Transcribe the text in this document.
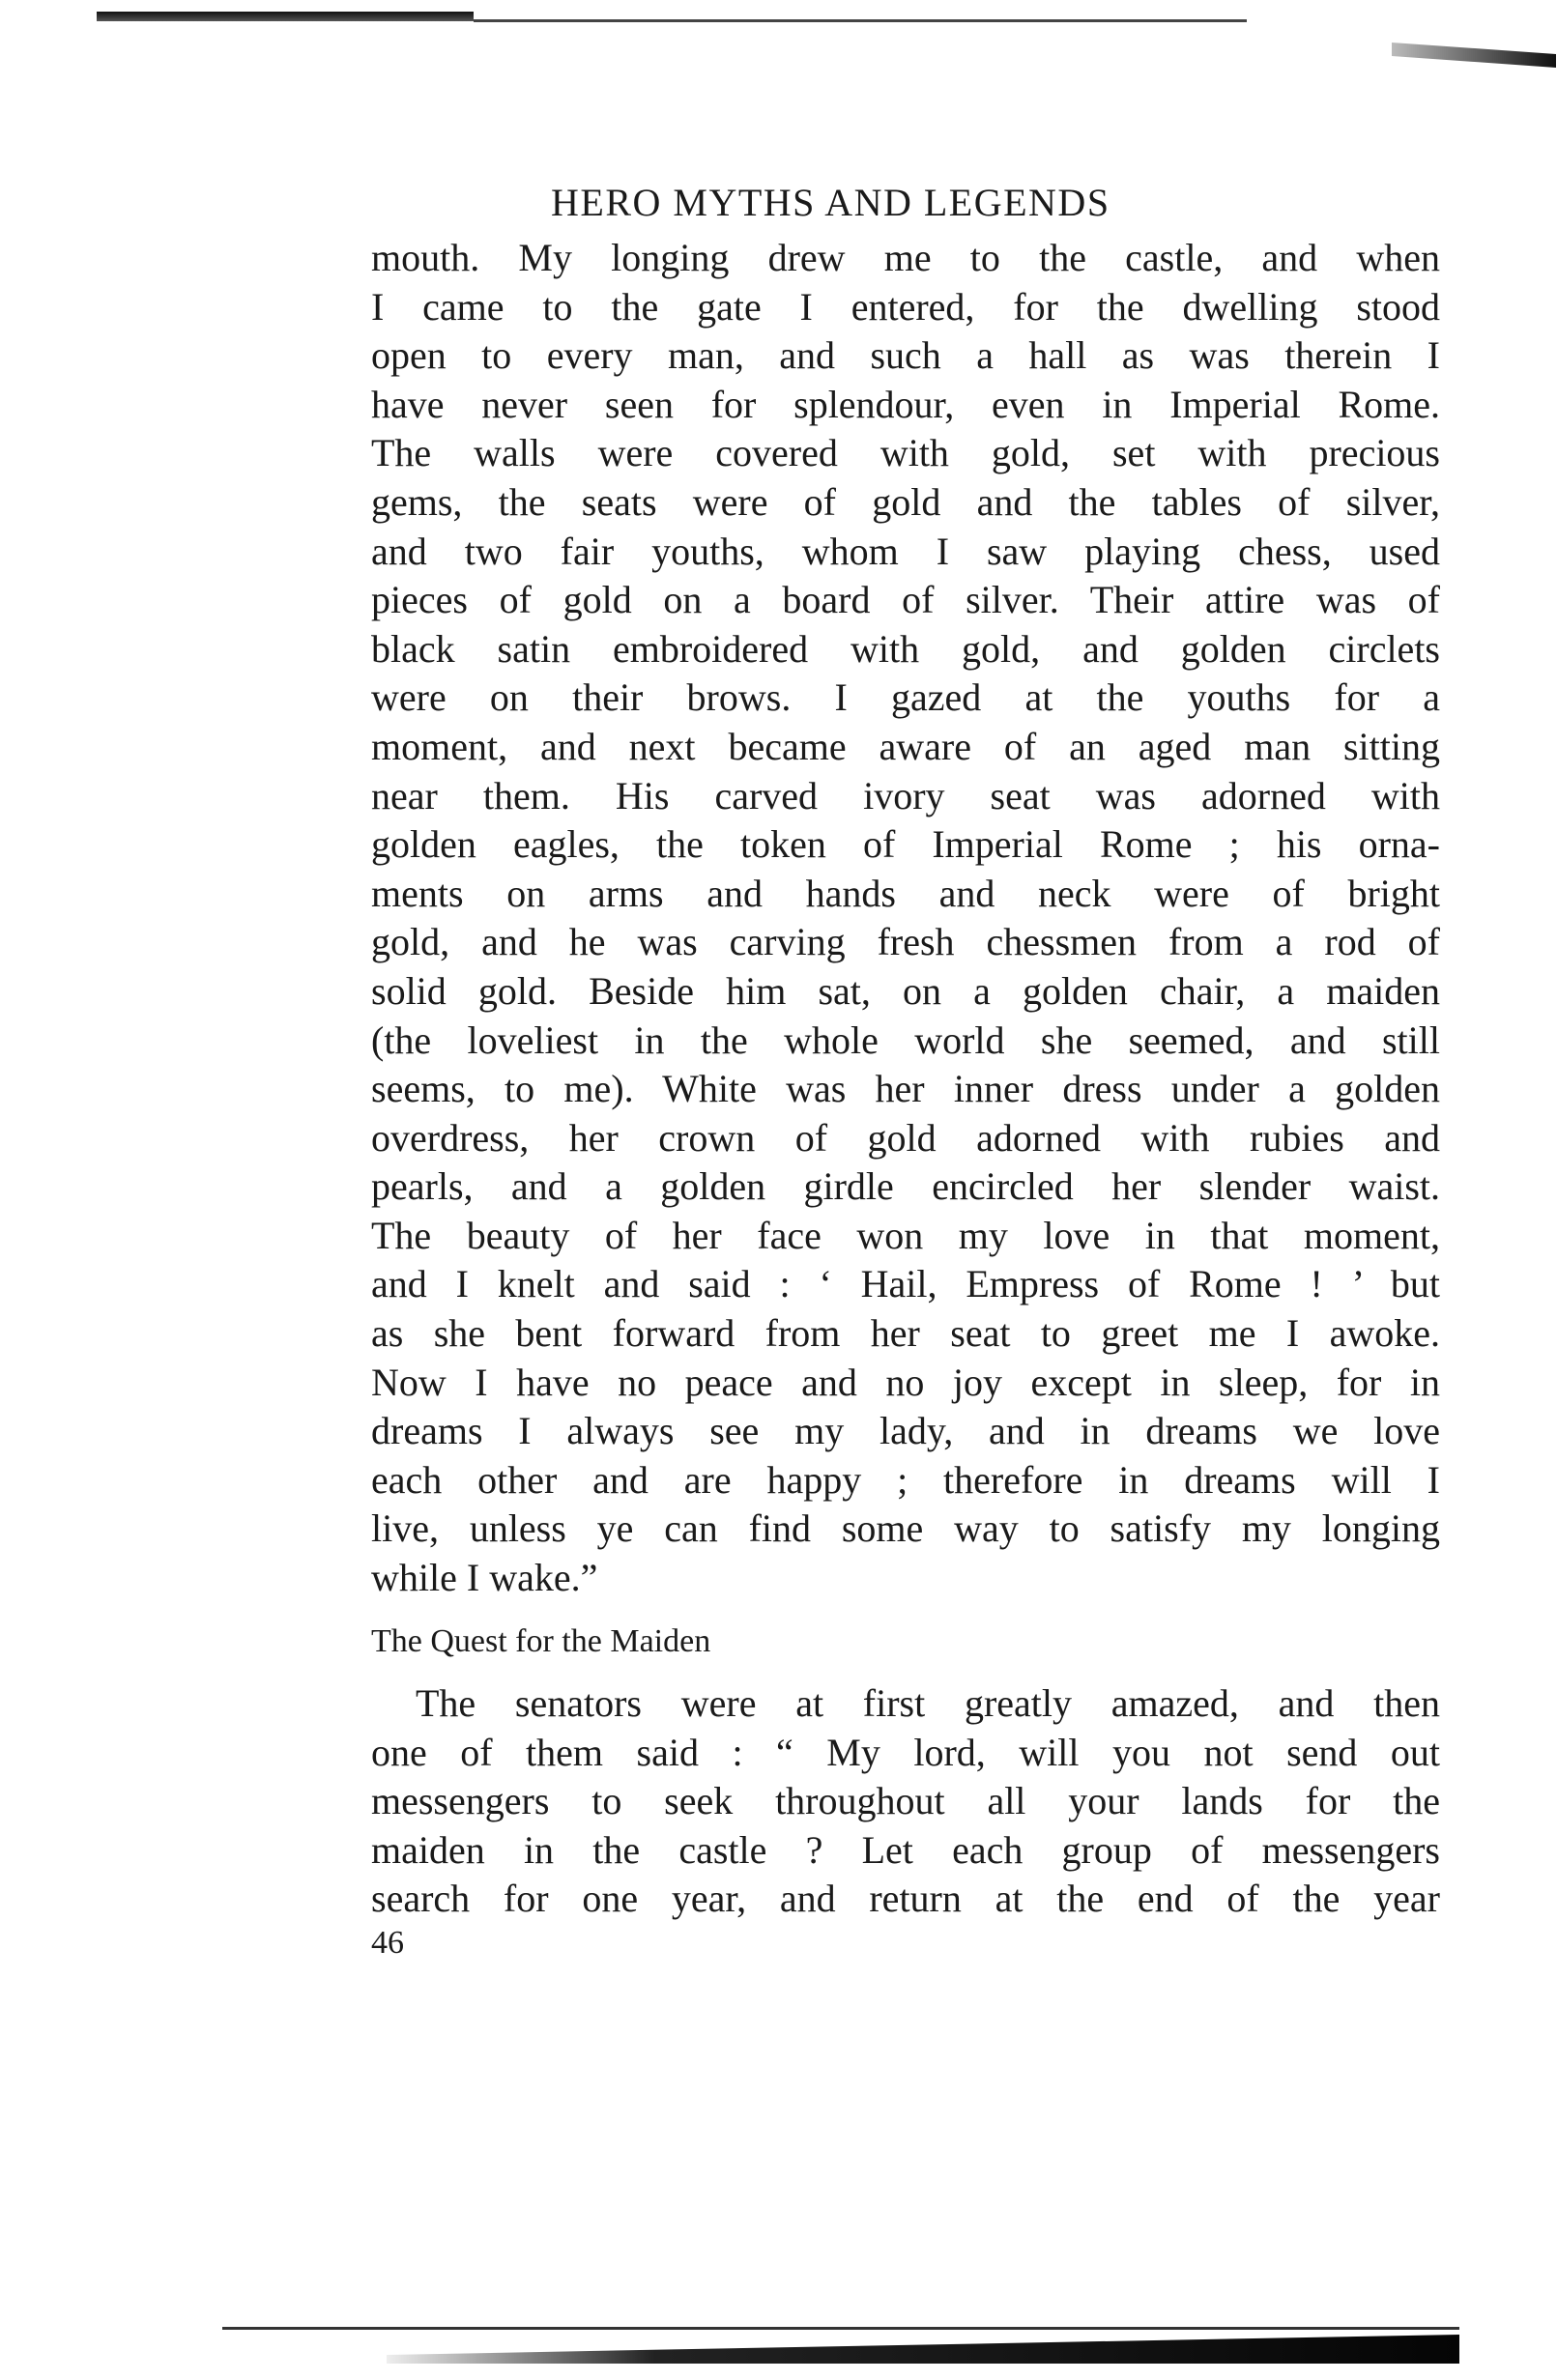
HERO MYTHS AND LEGENDS
mouth. My longing drew me to the castle, and when
I came to the gate I entered, for the dwelling stood
open to every man, and such a hall as was therein I
have never seen for splendour, even in Imperial Rome.
The walls were covered with gold, set with precious
gems, the seats were of gold and the tables of silver,
and two fair youths, whom I saw playing chess, used
pieces of gold on a board of silver. Their attire was of
black satin embroidered with gold, and golden circlets
were on their brows. I gazed at the youths for a
moment, and next became aware of an aged man sitting
near them. His carved ivory seat was adorned with
golden eagles, the token of Imperial Rome ; his orna-
ments on arms and hands and neck were of bright
gold, and he was carving fresh chessmen from a rod of
solid gold. Beside him sat, on a golden chair, a maiden
(the loveliest in the whole world she seemed, and still
seems, to me). White was her inner dress under a golden
overdress, her crown of gold adorned with rubies and
pearls, and a golden girdle encircled her slender waist.
The beauty of her face won my love in that moment,
and I knelt and said : ‘ Hail, Empress of Rome ! ’ but
as she bent forward from her seat to greet me I awoke.
Now I have no peace and no joy except in sleep, for in
dreams I always see my lady, and in dreams we love
each other and are happy ; therefore in dreams will I
live, unless ye can find some way to satisfy my longing
while I wake.”
The Quest for the Maiden
The senators were at first greatly amazed, and then
one of them said : “ My lord, will you not send out
messengers to seek throughout all your lands for the
maiden in the castle ? Let each group of messengers
search for one year, and return at the end of the year
46
